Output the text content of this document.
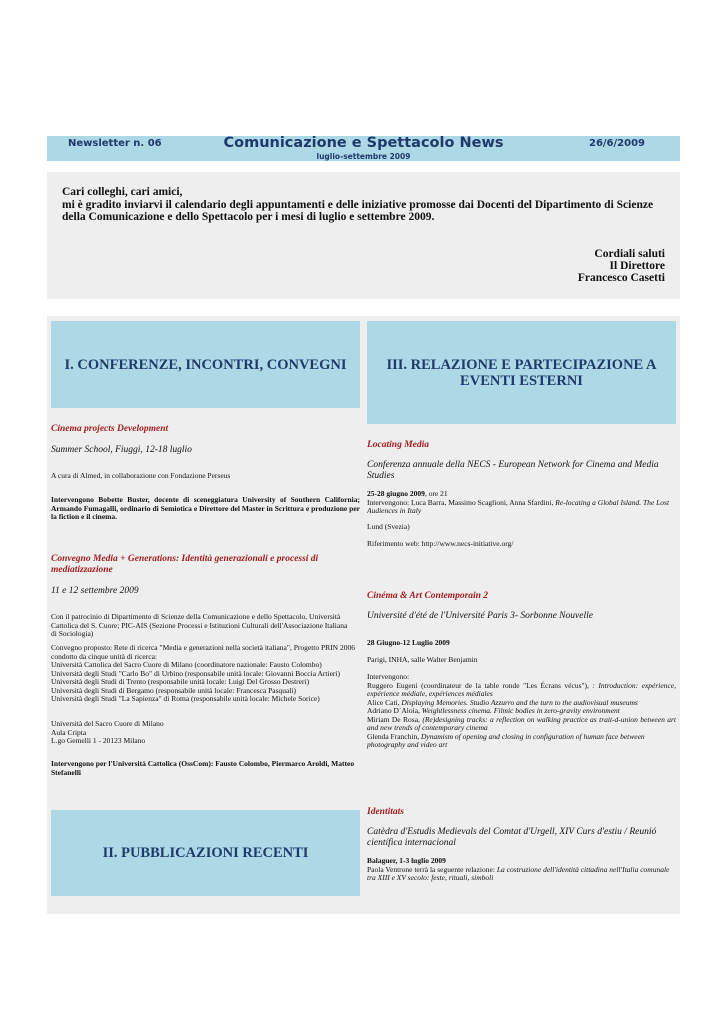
Newsletter n. 06	Comunicazione e Spettacolo News
luglio-settembre 2009
26/6/2009
Cari colleghi, cari amici,
mi è gradito inviarvi il calendario degli appuntamenti e delle iniziative promosse dai Docenti del Dipartimento di Scienze della Comunicazione e dello Spettacolo per i mesi di luglio e settembre 2009.
Cordiali saluti
Il Direttore
Francesco Casetti
I. CONFERENZE, INCONTRI, CONVEGNI	III. RELAZIONE E PARTECIPAZIONE A EVENTI ESTERNI
II. PUBBLICAZIONI RECENTI
Cinema projects Development
Summer School, Fiuggi, 12-18 luglio
A cura di Almed, in collaborazione con Fondazione Perseus
Intervengono Bobette Buster, docente di sceneggiatura University of Southern California; Armando Fumagalli, ordinario di Semiotica e Direttore del Master in Scrittura e produzione per la fiction e il cinema.
Convegno Media + Generations: Identità generazionali e processi di mediatizzazione
11 e 12 settembre 2009
Con il patrocinio di Dipartimento di Scienze della Comunicazione e dello Spettacolo, Università Cattolica del S. Cuore; PIC-AIS (Sezione Processi e Istituzioni Culturali dell'Associazione Italiana di Sociologia)
Convegno proposto: Rete di ricerca "Media e generazioni nella società italiana", Progetto PRIN 2006 condotto da cinque unità di ricerca:
Università Cattolica del Sacro Cuore di Milano (coordinatore nazionale: Fausto Colombo)
Università degli Studi "Carlo Bo" di Urbino (responsabile unità locale: Giovanni Boccia Artieri)
Università degli Studi di Trento (responsabile unità locale: Luigi Del Grosso Destreri)
Università degli Studi di Bergamo (responsabile unità locale: Francesca Pasquali)
Università degli Studi "La Sapienza" di Roma (responsabile unità locale: Michele Sorice)
Università del Sacro Cuore di Milano
Aula Cripta
L.go Gemelli 1 - 20123 Milano
Intervengono per l'Università Cattolica (OssCom): Fausto Colombo, Piermarco Aroldi, Matteo Stefanelli
Locating Media
Conferenza annuale della NECS - European Network for Cinema and Media Studies
25-28 giugno 2009, ore 21
Intervengono: Luca Barra, Massimo Scaglioni, Anna Sfardini, Re-locating a Global Island. The Lost Audiences in Italy
Lund (Svezia)
Riferimento web: http://www.necs-initiative.org/
Cinéma & Art Contemporain 2
Université d'été de l'Université Paris 3- Sorbonne Nouvelle
28 Giugno-12 Luglio 2009
Parigi, INHA, salle Walter Benjamin
Intervengono:
Ruggero Eugeni (coordinateur de la table ronde "Les Écrans vécus"), : Introduction: expérience, expérience médiale, expériences médiales
Alice Cati, Displaying Memories. Studio Azzurro and the turn to the audiovisual museums
Adriano D´Aloia, Weightlessness cinema. Filmic bodies in zero-gravity environment
Miriam De Rosa, (Re)designing tracks: a reflection on walking practice as trait-d-union between art and new trends of contemporary cinema
Glenda Franchin, Dynamism of opening and closing in configuration of human face between
photography and video art
Identitats
Catèdra d'Estudis Medievals del Comtat d'Urgell, XIV Curs d'estiu / Reunió científica internacional
Balaguer, 1-3 luglio 2009
Paola Ventrone terrà la seguente relazione: La costruzione dell'identità cittadina nell'Italia comunale tra XIII e XV secolo: feste, rituali, simboli
